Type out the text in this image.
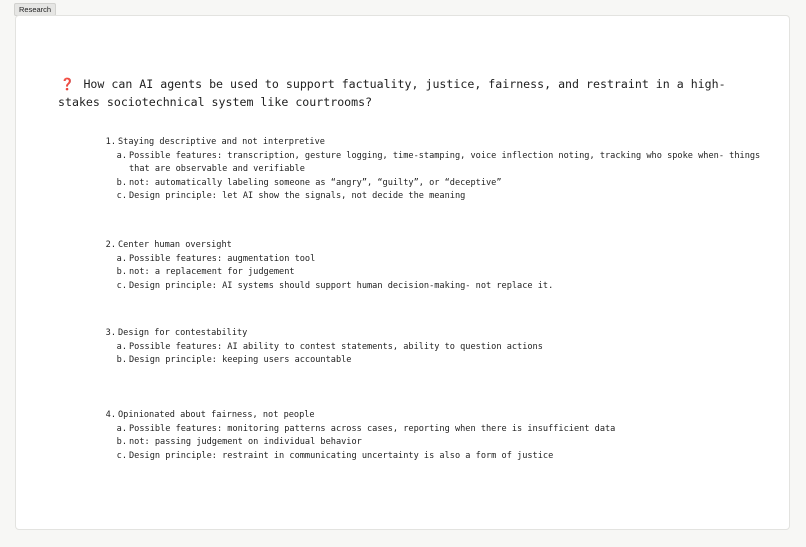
Research
❓ How can AI agents be used to support factuality, justice, fairness, and restraint in a high-stakes sociotechnical system like courtrooms?
1. Staying descriptive and not interpretive
a. Possible features: transcription, gesture logging, time-stamping, voice inflection noting, tracking who spoke when- things that are observable and verifiable
b. not: automatically labeling someone as “angry”, “guilty”, or “deceptive”
c. Design principle: let AI show the signals, not decide the meaning
2. Center human oversight
a. Possible features: augmentation tool
b. not: a replacement for judgement
c. Design principle: AI systems should support human decision-making- not replace it.
3. Design for contestability
a. Possible features: AI ability to contest statements, ability to question actions
b. Design principle: keeping users accountable
4. Opinionated about fairness, not people
a. Possible features: monitoring patterns across cases, reporting when there is insufficient data
b. not: passing judgement on individual behavior
c. Design principle: restraint in communicating uncertainty is also a form of justice
